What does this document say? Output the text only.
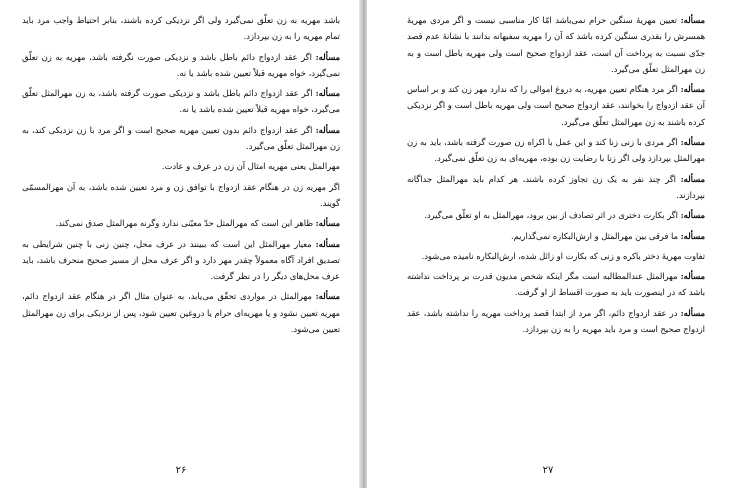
باشد مهریه به زن تعلّق نمی‌گیرد ولی اگر نزدیکی کرده باشند، بنابر احتیاط واجب مرد باید تمام مهریه را به زن بپردازد.

مسأله: اگر عقد ازدواج دائم باطل باشد و نزدیکی صورت نگرفته باشد، مهریه به زن تعلّق نمی‌گیرد، خواه مهریه قبلاً تعیین شده باشد یا نه.

مسأله: اگر عقد ازدواج دائم باطل باشد و نزدیکی صورت گرفته باشد، به زن مهرالمثل تعلّق می‌گیرد، خواه مهریه قبلاً تعیین شده باشد یا نه.

مسأله: اگر عقد ازدواج دائم بدون تعیین مهریه صحیح است و اگر مرد با زن نزدیکی کند، به زن مهرالمثل تعلّق می‌گیرد.

مهرالمثل یعنی مهریه امثال آن زن در عرف و عادت.

اگر مهریه زن در هنگام عقد ازدواج با توافق زن و مرد تعیین شده باشد، به آن مهرالمسمّی گویند.

مسأله: ظاهر این است که مهرالمثل حدّ معیّنی ندارد وگرنه مهرالمثل صدق نمی‌کند.

مسأله: معیار مهرالمثل این است که ببینند در عرف محل، چنین زنی با چنین شرایطی به تصدیق افراد آگاه معمولاً چقدر مهر دارد و اگر عرف محل از مسیر صحیح منحرف باشد، باید عرف محل‌های دیگر را در نظر گرفت.

مسأله: مهرالمثل در مواردی تحقّق می‌یابد، به عنوان مثال اگر در هنگام عقد ازدواج دائم، مهریه تعیین نشود و یا مهریه‌ای حرام یا دروغین تعیین شود، پس از نزدیکی برای زن مهرالمثل تعیین می‌شود.

۲۶

مسأله: تعیین مهریهٔ سنگین حرام نمی‌باشد امّا کار مناسبی نیست و اگر مردی مهریهٔ همسرش را بقدری سنگین کرده باشد که آن را مهریه سفیهانه بدانند با نشانهٔ عدم قصد جدّی نسبت به پرداخت آن است، عقد ازدواج صحیح است ولی مهریه باطل است و به زن مهرالمثل تعلّق می‌گیرد.

مسأله: اگر مرد هنگام تعیین مهریه، به دروغ اموالی را که ندارد مهر زن کند و بر اساس آن عقد ازدواج را بخوانند، عقد ازدواج صحیح است ولی مهریه باطل است و اگر نزدیکی کرده باشند به زن مهرالمثل تعلّق می‌گیرد.

مسأله: اگر مردی با زنی زنا کند و این عمل با اکراه زن صورت گرفته باشد، باید به زن مهرالمثل بپردازد ولی اگر زنا با رضایت زن بوده، مهریه‌ای به زن تعلّق نمی‌گیرد.

مسأله: اگر چند نفر به یک زن تجاوز کرده باشند، هر کدام باید مهرالمثل جداگانه بپردازند.

مسأله: اگر بکارت دختری در اثر تصادف از بین برود، مهرالمثل به او تعلّق می‌گیرد.

مسأله: ما فرقی بین مهرالمثل و ارش‌البکاره نمی‌گذاریم.

تفاوت مهریهٔ دختر باکره و زنی که بکارت او زائل شده، ارش‌البکاره نامیده می‌شود.

مسأله: مهرالمثل عندالمطالبه است مگر اینکه شخص مدیون قدرت بر پرداخت نداشته باشد که در اینصورت باید به صورت اقساط از او گرفت.

مسأله: در عقد ازدواج دائم، اگر مرد از ابتدا قصد پرداخت مهریه را نداشته باشد، عقد ازدواج صحیح است و مرد باید مهریه را به زن بپردازد.

۲۷
